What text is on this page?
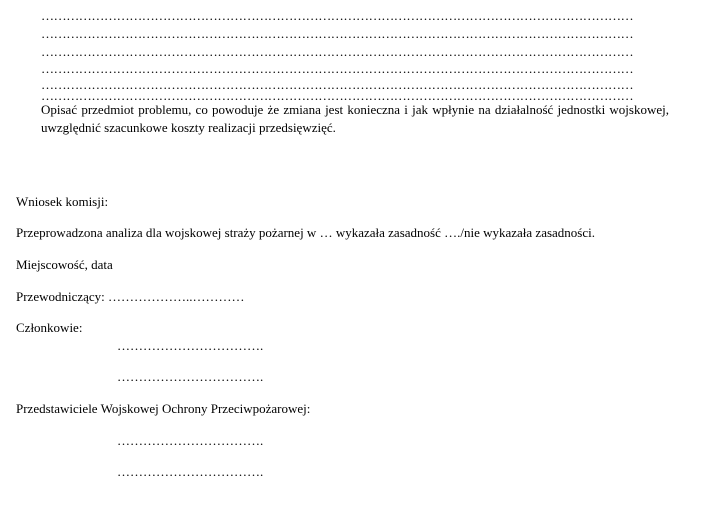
……………………………………………………………………………………………………………………………
……………………………………………………………………………………………………………………………
……………………………………………………………………………………………………………………………
……………………………………………………………………………………………………………………………
……………………………………………………………………………………………………………………………
……………………………………………………………………………………………………………………………
Opisać przedmiot problemu, co powoduje że zmiana jest konieczna i jak wpłynie na działalność jednostki wojskowej, uwzględnić szacunkowe koszty realizacji przedsięwzięć.
Wniosek komisji:
Przeprowadzona analiza dla wojskowej straży pożarnej w … wykazała zasadność …./nie wykazała zasadności.
Miejscowość, data
Przewodniczący: ………………..…………
Członkowie:
…………………………….
…………………………….
Przedstawiciele Wojskowej Ochrony Przeciwpożarowej:
…………………………….
…………………………….
